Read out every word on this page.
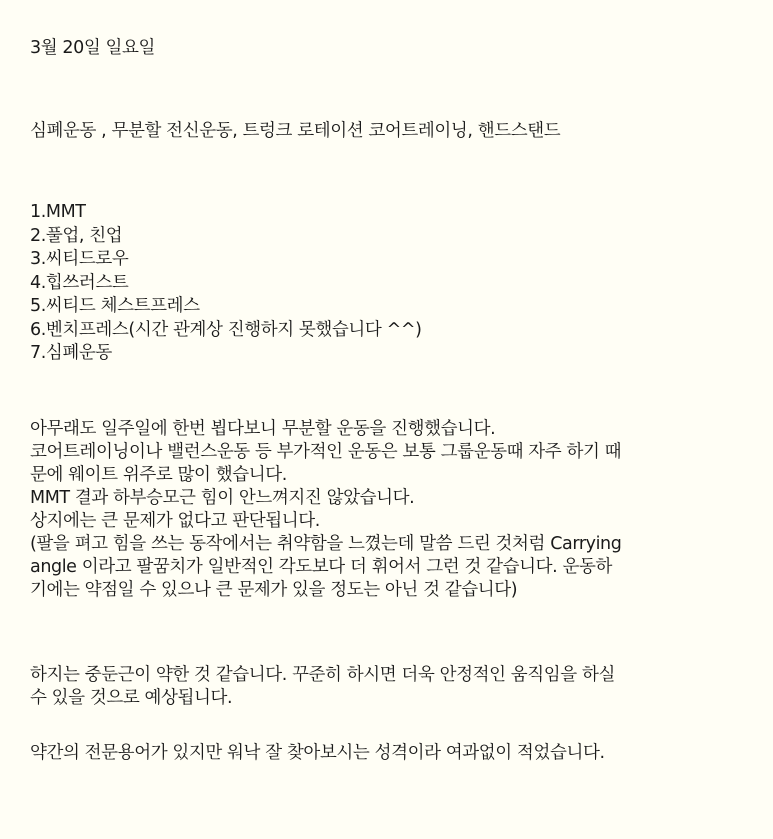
3월 20일 일요일
심폐운동 , 무분할 전신운동, 트렁크 로테이션 코어트레이닝, 핸드스탠드
1.MMT
2.풀업, 친업
3.씨티드로우
4.힙쓰러스트
5.씨티드 체스트프레스
6.벤치프레스(시간 관계상 진행하지 못했습니다 ^^)
7.심폐운동
아무래도 일주일에 한번 뵙다보니 무분할 운동을 진행했습니다.
코어트레이닝이나 밸런스운동 등 부가적인 운동은 보통 그룹운동때 자주 하기 때
문에 웨이트 위주로 많이 했습니다.
MMT 결과 하부승모근 힘이 안느껴지진 않았습니다.
상지에는 큰 문제가 없다고 판단됩니다.
(팔을 펴고 힘을 쓰는 동작에서는 취약함을 느꼈는데 말씀 드린 것처럼 Carrying
angle 이라고 팔꿈치가 일반적인 각도보다 더 휘어서 그런 것 같습니다. 운동하
기에는 약점일 수 있으나 큰 문제가 있을 정도는 아닌 것 같습니다)
하지는 중둔근이 약한 것 같습니다. 꾸준히 하시면 더욱 안정적인 움직임을 하실
수 있을 것으로 예상됩니다.
약간의 전문용어가 있지만 워낙 잘 찾아보시는 성격이라 여과없이 적었습니다.
